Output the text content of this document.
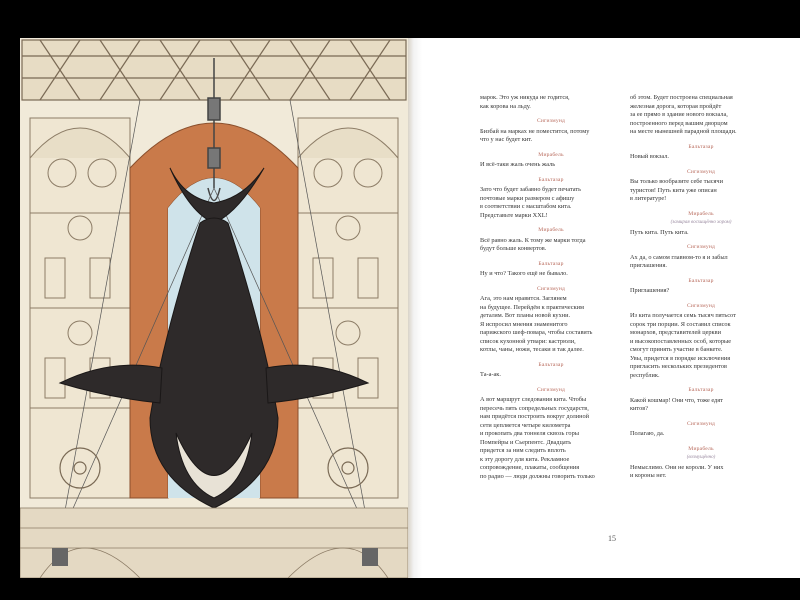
марок. Это уж никуда не годится,
как корова на льду.
Сигизмунд
Бизбай на марках не поместится, потому
что у нас будет кит.
Мирабель
И всё-таки жаль очень жаль
Бальтазар
Зато что будет забавно будет печатать
почтовые марки размером с афишу
в соответствии с масштабом кита.
Представьте марки XXL!
Мирабель
Всё равно жаль. К тому же марки тогда
будут больше конвертов.
Бальтазар
Ну и что? Такого ещё не бывало.
Сигизмунд
Ага, это нам нравится. Заглянем
на будущее. Перейдём к практическим
деталям. Вот планы новой кухни.
Я испросил мнения знаменитого
парижского шеф-повара, чтобы составить
список кухонной утвари: кастрюли,
котлы, чаны, ножи, тесаки и так далее.
Бальтазар
Та-а-ак.
Сигизмунд
А вот маршрут следования кита. Чтобы
пересечь пять сопредельных государств,
нам придётся построить вокруг долиной
сети цепляется четыре километра
и прокопать два тоннеля сквозь горы
Помпейры и Сьерпентс. Двадцать
придется за ним следить вплоть
к эту дорогу для кита. Рекламное
сопровождение, плакаты, сообщения
по радио — люди должны говорить только
об этом. Будет построена специальная
железная дорога, которая пройдёт
за ее прямо в здание нового вокзала,
построенного перед вашим дворцом
на месте нынешней парадной площади.
Бальтазар
Новый вокзал.
Сигизмунд
Вы только вообразите себе тысячи
туристов! Путь кита уже описан
в литературе!
Мирабель
(замирая восхищённо хором)
Путь кита. Путь кита.
Сигизмунд
Ах да, о самом главном-то я и забыл
приглашения.
Бальтазар
Приглашения?
Сигизмунд
Из кита получается семь тысяч пятьсот
сорок три порции. Я составил список
монархов, представителей церкви
и высокопоставленных особ, которые
смогут принять участие в банкете.
Увы, придется в порядке исключения
пригласить нескольких президентов
республик.
Бальтазар
Какой кошмар! Они что, тоже едят
китов?
Сигизмунд
Полагаю, да.
Мирабель
(возмущённо)
Немыслимо. Они не короли. У них
и короны нет.
15
